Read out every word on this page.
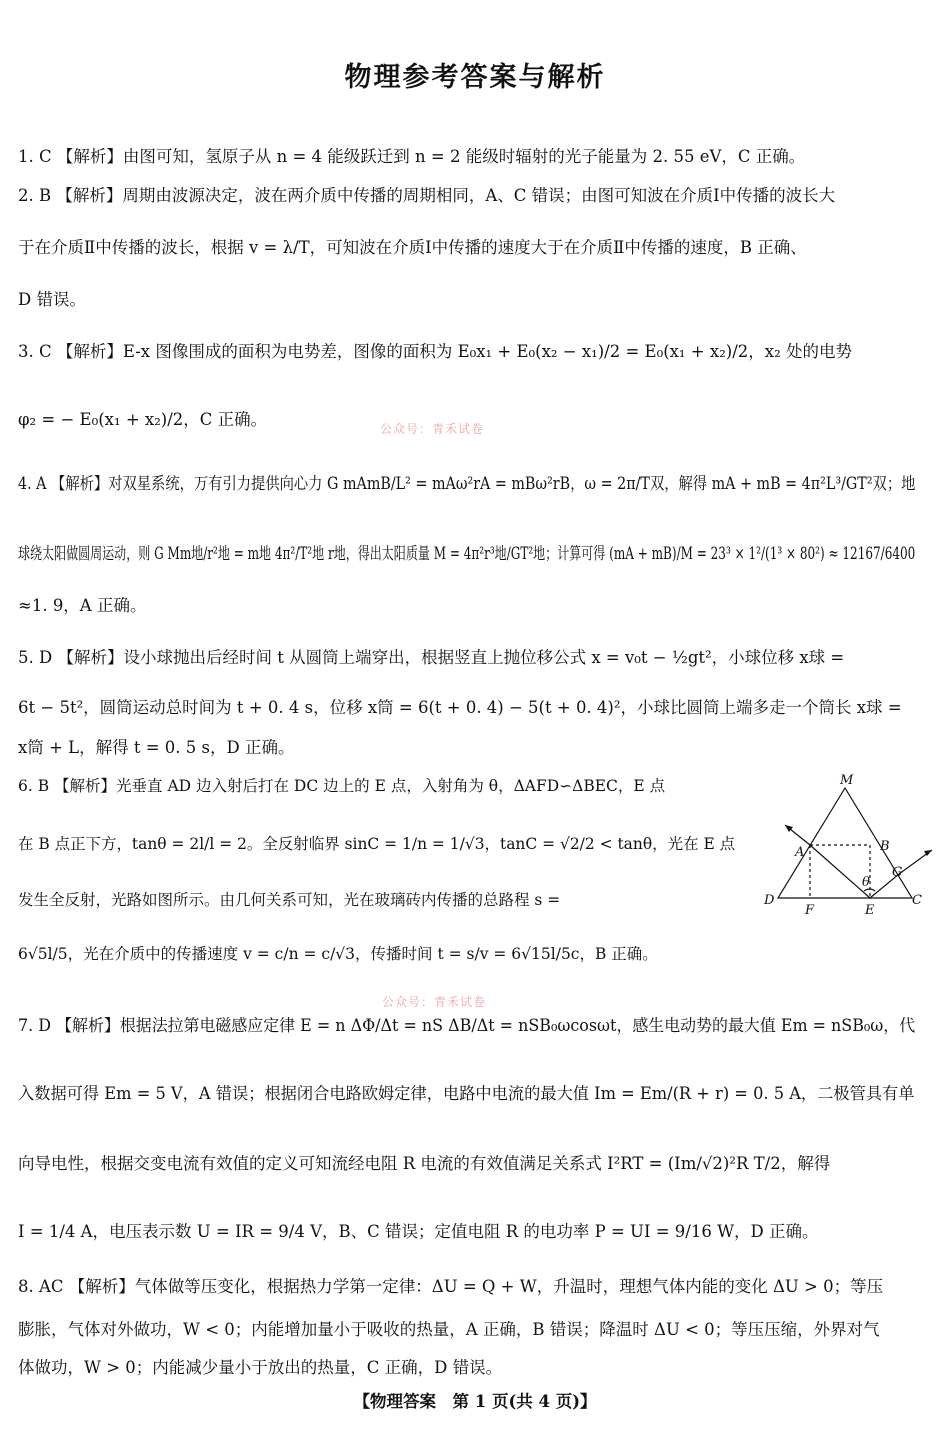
物理参考答案与解析
1. C 【解析】由图可知，氢原子从 n = 4 能级跃迁到 n = 2 能级时辐射的光子能量为 2. 55 eV，C 正确。
2. B 【解析】周期由波源决定，波在两介质中传播的周期相同，A、C 错误；由图可知波在介质Ⅰ中传播的波长大
于在介质Ⅱ中传播的波长，根据 v = λ/T，可知波在介质Ⅰ中传播的速度大于在介质Ⅱ中传播的速度，B 正确、
D 错误。
3. C 【解析】E-x 图像围成的面积为电势差，图像的面积为 E₀x₁ + E₀(x₂ − x₁)/2 = E₀(x₁ + x₂)/2，x₂ 处的电势
φ₂ = − E₀(x₁ + x₂)/2，C 正确。
4. A 【解析】对双星系统，万有引力提供向心力 G mAmB/L² = mAω²rA = mBω²rB，ω = 2π/T双，解得 mA + mB = 4π²L³/GT²双；地
球绕太阳做圆周运动，则 G Mm地/r²地 = m地 4π²/T²地 r地，得出太阳质量 M = 4π²r³地/GT²地；计算可得 (mA + mB)/M = 23³ × 1²/(1³ × 80²) ≈ 12167/6400
≈1. 9，A 正确。
5. D 【解析】设小球抛出后经时间 t 从圆筒上端穿出，根据竖直上抛位移公式 x = v₀t − ½gt²，小球位移 x球 =
6t − 5t²，圆筒运动总时间为 t + 0. 4 s，位移 x筒 = 6(t + 0. 4) − 5(t + 0. 4)²，小球比圆筒上端多走一个筒长 x球 =
x筒 + L，解得 t = 0. 5 s，D 正确。
6. B 【解析】光垂直 AD 边入射后打在 DC 边上的 E 点，入射角为 θ，ΔAFD∽ΔBEC，E 点
在 B 点正下方，tanθ = 2l/l = 2。全反射临界 sinC = 1/n = 1/√3，tanC = √2/2 < tanθ，光在 E 点
发生全反射，光路如图所示。由几何关系可知，光在玻璃砖内传播的总路程 s =
6√5l/5，光在介质中的传播速度 v = c/n = c/√3，传播时间 t = s/v = 6√15l/5c，B 正确。
7. D 【解析】根据法拉第电磁感应定律 E = n ΔΦ/Δt = nS ΔB/Δt = nSB₀ωcosωt，感生电动势的最大值 Em = nSB₀ω，代
入数据可得 Em = 5 V，A 错误；根据闭合电路欧姆定律，电路中电流的最大值 Im = Em/(R + r) = 0. 5 A，二极管具有单
向导电性，根据交变电流有效值的定义可知流经电阻 R 电流的有效值满足关系式 I²RT = (Im/√2)²R T/2，解得
I = 1/4 A，电压表示数 U = IR = 9/4 V，B、C 错误；定值电阻 R 的电功率 P = UI = 9/16 W，D 正确。
8. AC 【解析】气体做等压变化，根据热力学第一定律：ΔU = Q + W，升温时，理想气体内能的变化 ΔU > 0；等压
膨胀，气体对外做功，W < 0；内能增加量小于吸收的热量，A 正确，B 错误；降温时 ΔU < 0；等压压缩，外界对气
体做功，W > 0；内能减少量小于放出的热量，C 正确，D 错误。
公众号：青禾试卷
公众号：青禾试卷
M
A	B
G
θ
D
F	E
C
【物理答案　第 1 页(共 4 页)】
